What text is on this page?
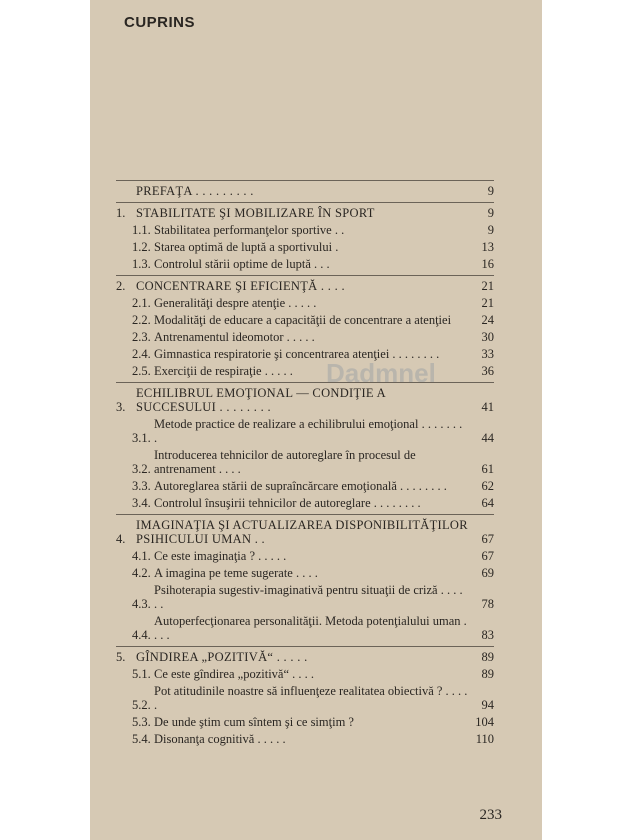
CUPRINS
Dadmnel
PREFAŢA . . . . . . . . .	9
1. STABILITATE ŞI MOBILIZARE ÎN SPORT	9
1.1. Stabilitatea performanţelor sportive . .	9
1.2. Starea optimă de luptă a sportivului .	13
1.3. Controlul stării optime de luptă . . .	16
2. CONCENTRARE ŞI EFICIENŢĂ . . . .	21
2.1. Generalităţi despre atenţie . . . . .	21
2.2. Modalităţi de educare a capacităţii de concentrare a atenţiei	24
2.3. Antrenamentul ideomotor . . . . .	30
2.4. Gimnastica respiratorie şi concentrarea atenţiei . . . . . . . .	33
2.5. Exerciţii de respiraţie . . . . .	36
3.
ECHILIBRUL EMOŢIONAL — CONDIŢIE A SUCCESULUI . . . . . . . .	41
3.1.
Metode practice de realizare a echilibrului emoţional . . . . . . . .	44
3.2.
Introducerea tehnicilor de autoreglare în procesul de antrenament . . . .	61
3.3. Autoreglarea stării de supraîncărcare emoţională . . . . . . . .	62
3.4. Controlul însuşirii tehnicilor de autoreglare . . . . . . . .	64
4.
IMAGINAŢIA ŞI ACTUALIZAREA DISPONIBILITĂŢILOR PSIHICULUI UMAN . .	67
4.1. Ce este imaginaţia ? . . . . .	67
4.2. A imagina pe teme sugerate . . . .	69
4.3.
Psihoterapia sugestiv-imaginativă pentru situaţii de criză . . . . . .	78
4.4.
Autoperfecţionarea personalităţii. Metoda potenţialului uman . . . .	83
5. GÎNDIREA „POZITIVĂ“ . . . . .	89
5.1. Ce este gîndirea „pozitivă“ . . . .	89
5.2.
Pot atitudinile noastre să influenţeze realitatea obiectivă ? . . . . .	94
5.3. De unde ştim cum sîntem şi ce simţim ?	104
5.4. Disonanţa cognitivă . . . . .	110
233
